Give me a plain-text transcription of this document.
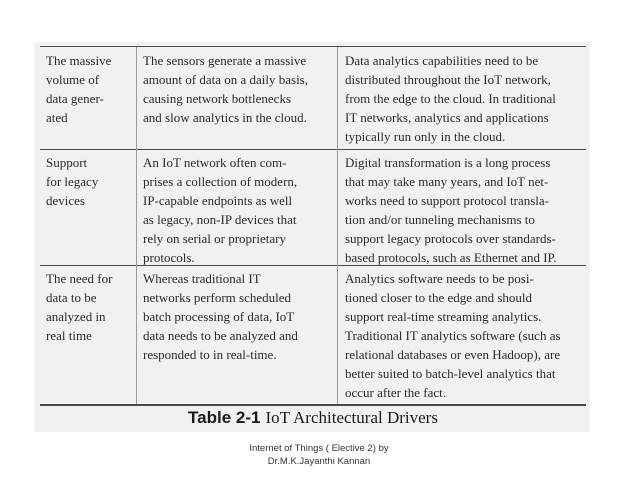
The massive
volume of
data gener-
ated

The sensors generate a massive
amount of data on a daily basis,
causing network bottlenecks
and slow analytics in the cloud.

Data analytics capabilities need to be
distributed throughout the IoT network,
from the edge to the cloud. In traditional
IT networks, analytics and applications
typically run only in the cloud.

Support
for legacy
devices

An IoT network often com-
prises a collection of modern,
IP-capable endpoints as well
as legacy, non-IP devices that
rely on serial or proprietary
protocols.

Digital transformation is a long process
that may take many years, and IoT net-
works need to support protocol transla-
tion and/or tunneling mechanisms to
support legacy protocols over standards-
based protocols, such as Ethernet and IP.

The need for
data to be
analyzed in
real time

Whereas traditional IT
networks perform scheduled
batch processing of data, IoT
data needs to be analyzed and
responded to in real-time.

Analytics software needs to be posi-
tioned closer to the edge and should
support real-time streaming analytics.
Traditional IT analytics software (such as
relational databases or even Hadoop), are
better suited to batch-level analytics that
occur after the fact.

Table 2-1 IoT Architectural Drivers
Internet of Things ( Elective 2) by
Dr.M.K.Jayanthi Kannan
